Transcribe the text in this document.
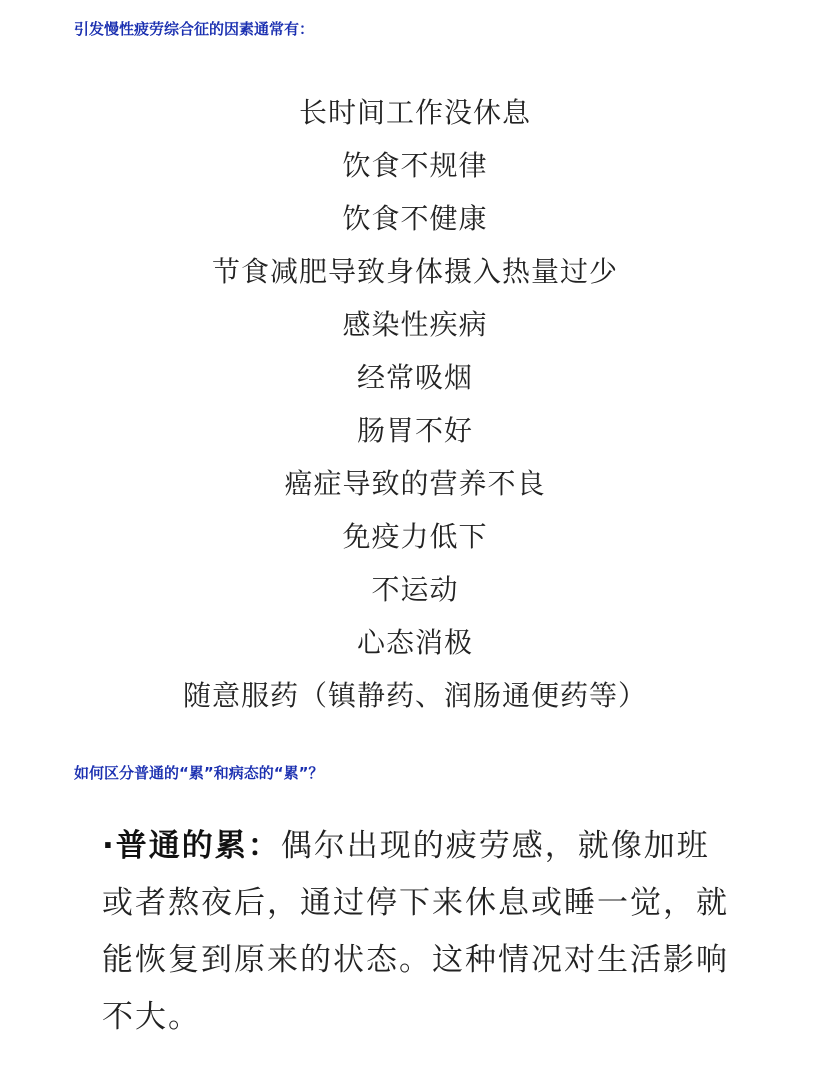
引发慢性疲劳综合征的因素通常有：
长时间工作没休息
饮食不规律
饮食不健康
节食减肥导致身体摄入热量过少
感染性疾病
经常吸烟
肠胃不好
癌症导致的营养不良
免疫力低下
不运动
心态消极
随意服药（镇静药、润肠通便药等）
如何区分普通的“累”和病态的“累”？

·普通的累：偶尔出现的疲劳感，就像加班或者熬夜后，通过停下来休息或睡一觉，就能恢复到原来的状态。这种情况对生活影响不大。
